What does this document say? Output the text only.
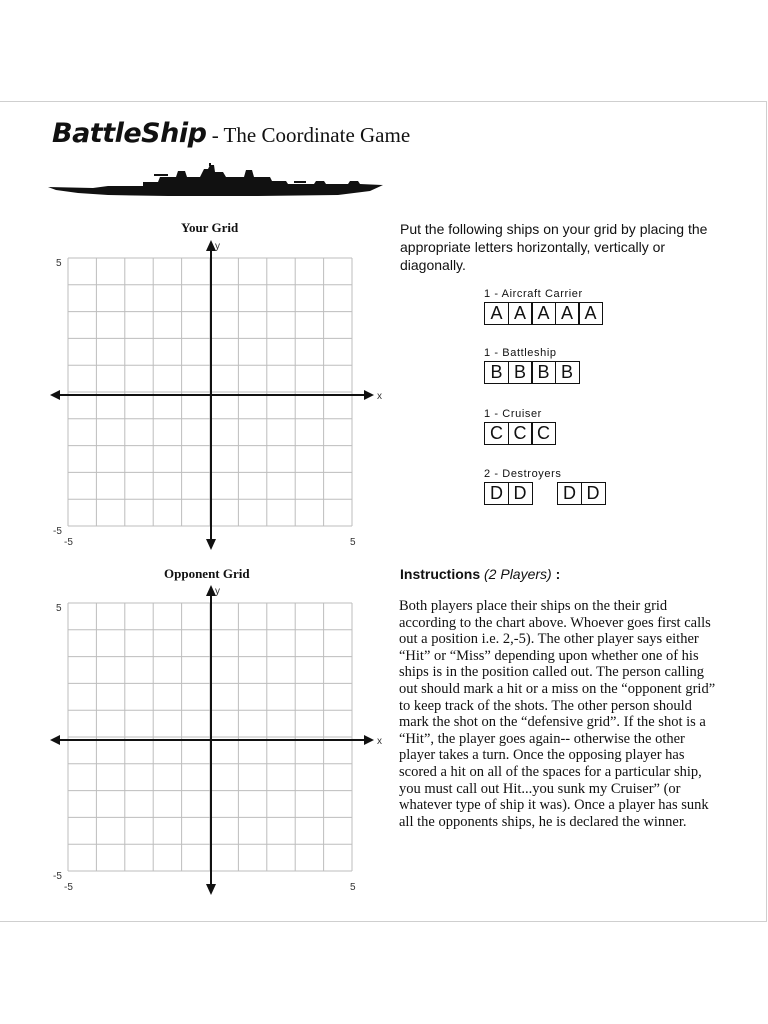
BattleShip - The Coordinate Game
Your Grid
y
x
5
-5
-5	5
Opponent Grid
y
x
5
-5
-5	5
Put the following ships on your grid by placing the appropriate letters horizontally, vertically or diagonally.
1 - Aircraft Carrier
A A A A A
1 - Battleship
B B B B
1 - Cruiser
C C C
2 - Destroyers
D D	D D
Instructions (2 Players) :
Both players place their ships on the their grid according to the chart above. Whoever goes first calls out a position i.e. 2,-5). The other player says either “Hit” or “Miss” depending upon whether one of his ships is in the position called out. The person calling out should mark a hit or a miss on the “opponent grid” to keep track of the shots. The other person should mark the shot on the “defensive grid”. If the shot is a “Hit”, the player goes again-- otherwise the other player takes a turn. Once the opposing player has scored a hit on all of the spaces for a particular ship, you must call out Hit...you sunk my Cruiser” (or whatever type of ship it was). Once a player has sunk all the opponents ships, he is declared the winner.
